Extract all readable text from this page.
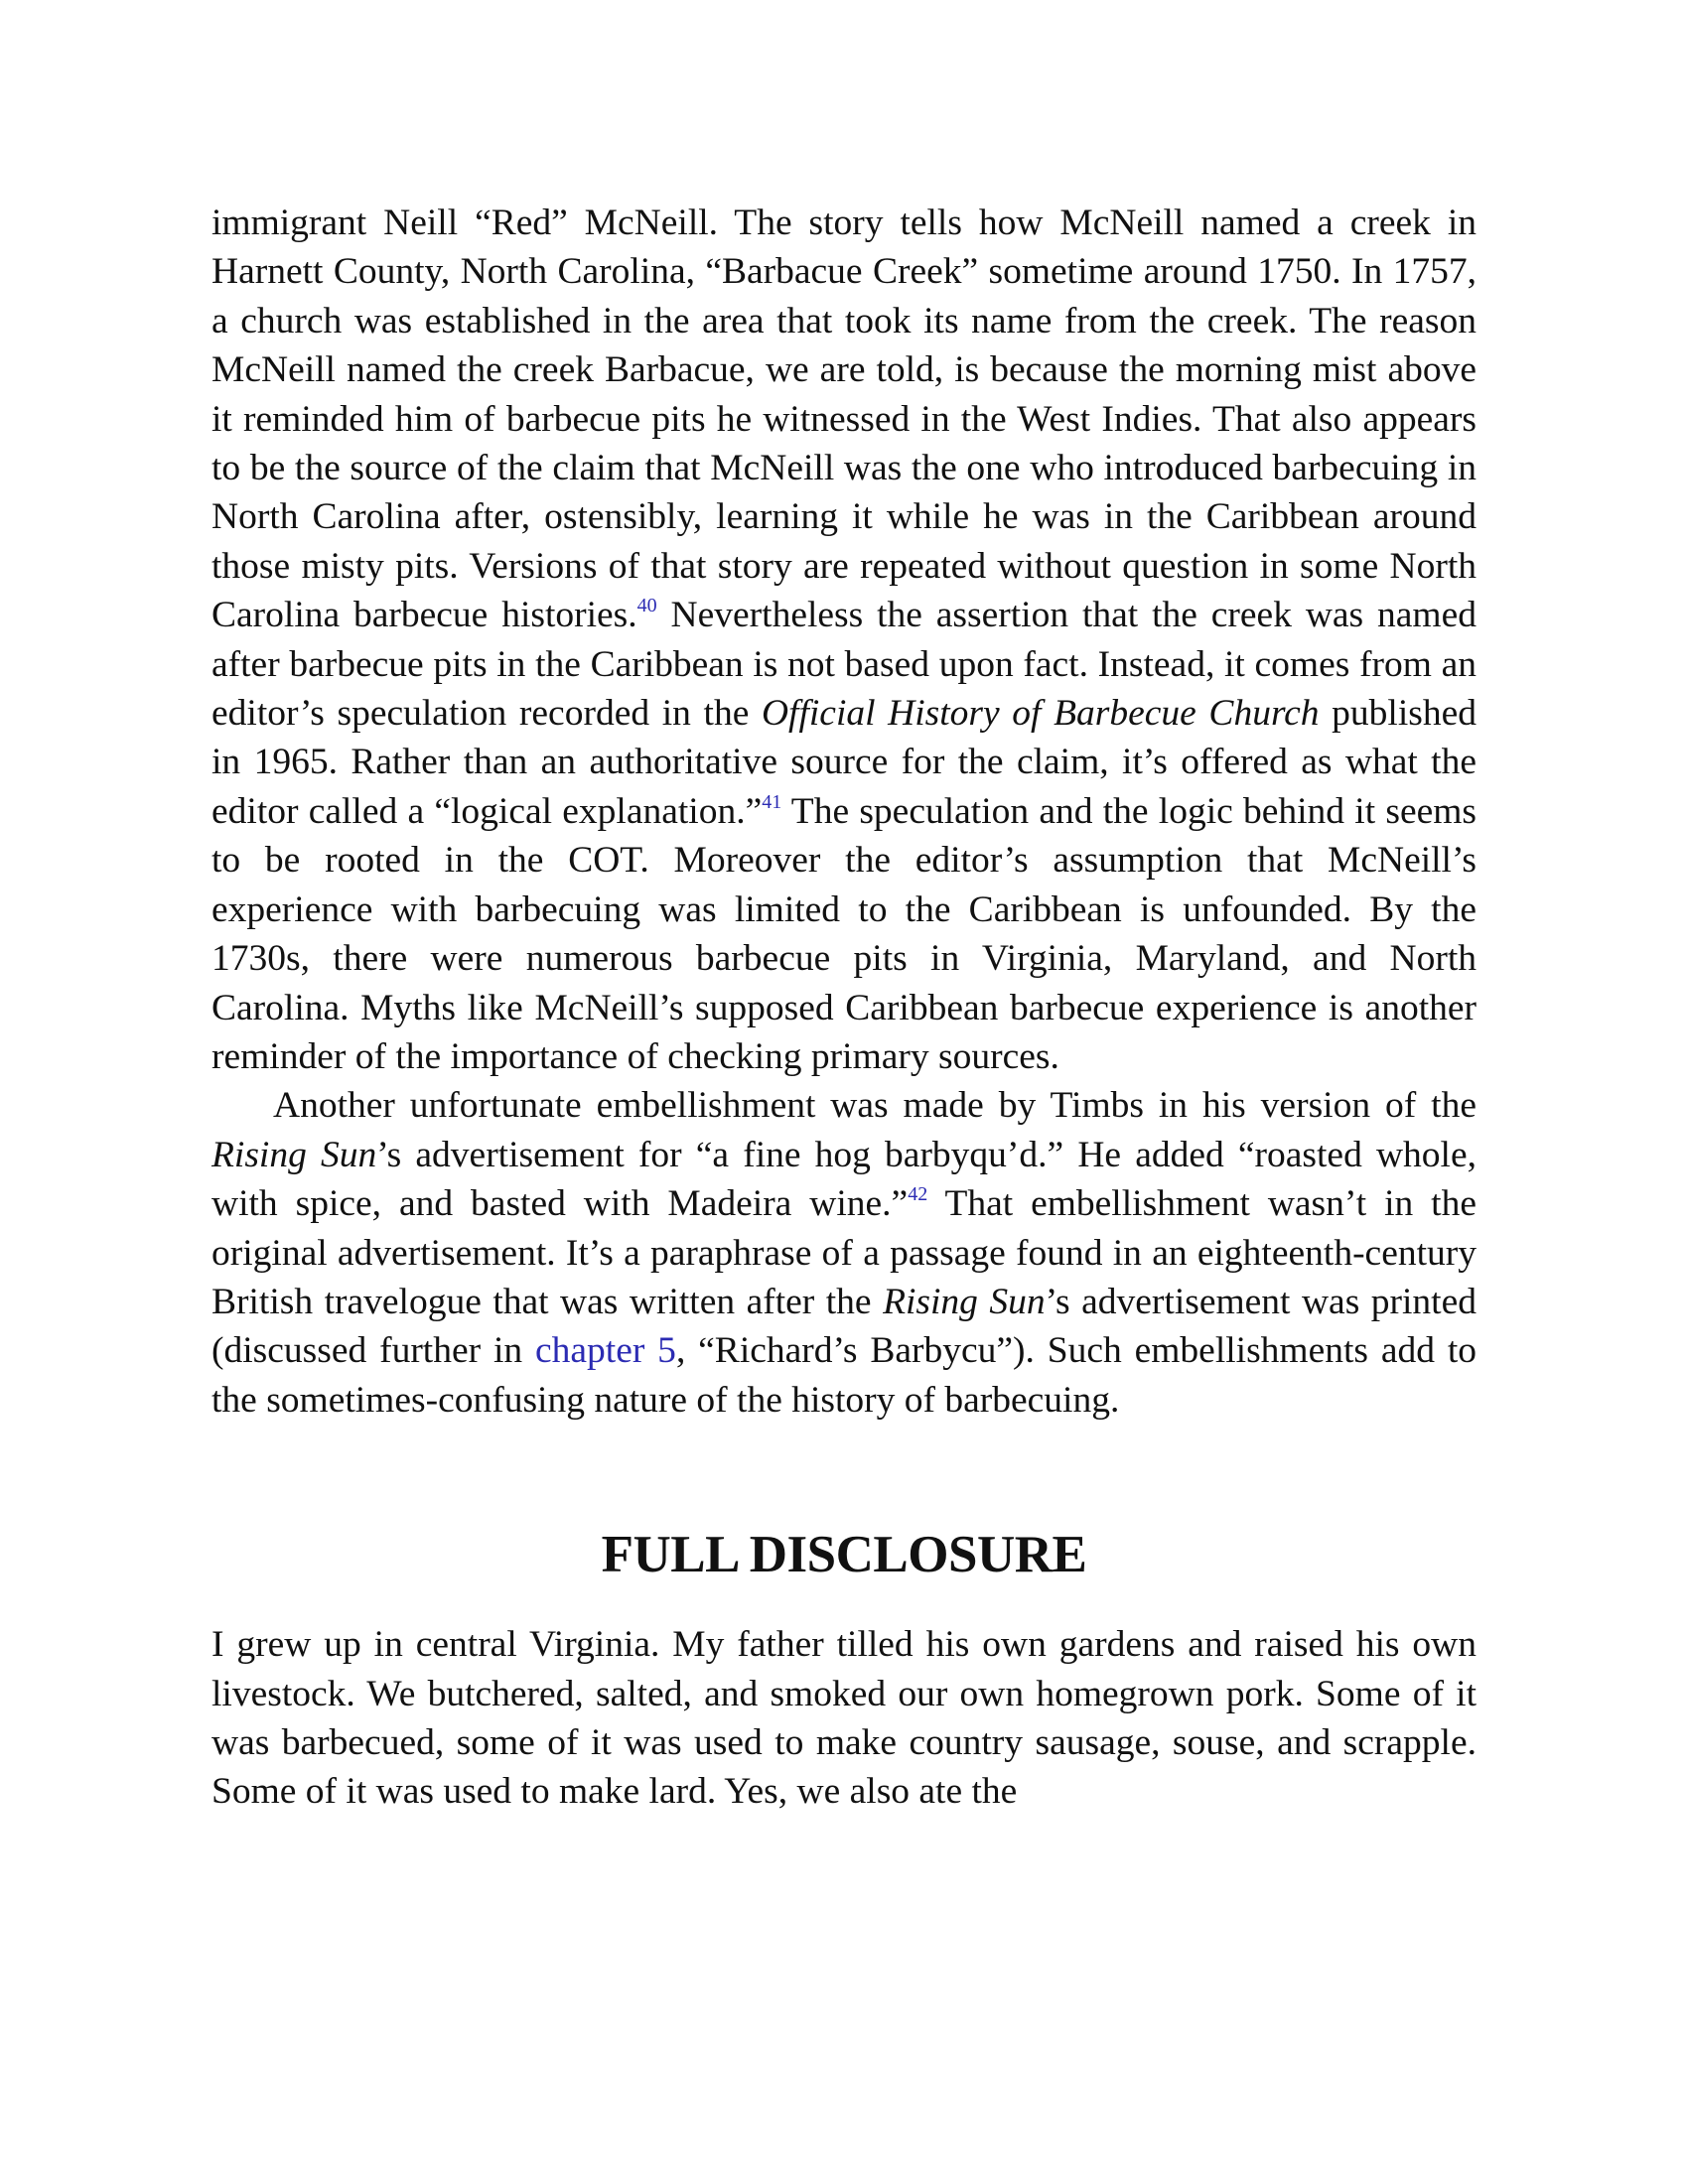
immigrant Neill “Red” McNeill. The story tells how McNeill named a creek in Harnett County, North Carolina, “Barbacue Creek” sometime around 1750. In 1757, a church was established in the area that took its name from the creek. The reason McNeill named the creek Barbacue, we are told, is because the morning mist above it reminded him of barbecue pits he witnessed in the West Indies. That also appears to be the source of the claim that McNeill was the one who introduced barbecuing in North Carolina after, ostensibly, learning it while he was in the Caribbean around those misty pits. Versions of that story are repeated without question in some North Carolina barbecue histories.$^{40}$ Nevertheless the assertion that the creek was named after barbecue pits in the Caribbean is not based upon fact. Instead, it comes from an editor’s speculation recorded in the Official History of Barbecue Church published in 1965. Rather than an authoritative source for the claim, it’s offered as what the editor called a “logical explanation.”$^{41}$ The speculation and the logic behind it seems to be rooted in the COT. Moreover the editor’s assumption that McNeill’s experience with barbecuing was limited to the Caribbean is unfounded. By the 1730s, there were numerous barbecue pits in Virginia, Maryland, and North Carolina. Myths like McNeill’s supposed Caribbean barbecue experience is another reminder of the importance of checking primary sources.

Another unfortunate embellishment was made by Timbs in his version of the Rising Sun’s advertisement for “a fine hog barbyqu’d.” He added “roasted whole, with spice, and basted with Madeira wine.”$^{42}$ That embellishment wasn’t in the original advertisement. It’s a paraphrase of a passage found in an eighteenth-century British travelogue that was written after the Rising Sun’s advertisement was printed (discussed further in chapter 5, “Richard’s Barbycu”). Such embellishments add to the sometimes-confusing nature of the history of barbecuing.

FULL DISCLOSURE

I grew up in central Virginia. My father tilled his own gardens and raised his own livestock. We butchered, salted, and smoked our own homegrown pork. Some of it was barbecued, some of it was used to make country sausage, souse, and scrapple. Some of it was used to make lard. Yes, we also ate the
